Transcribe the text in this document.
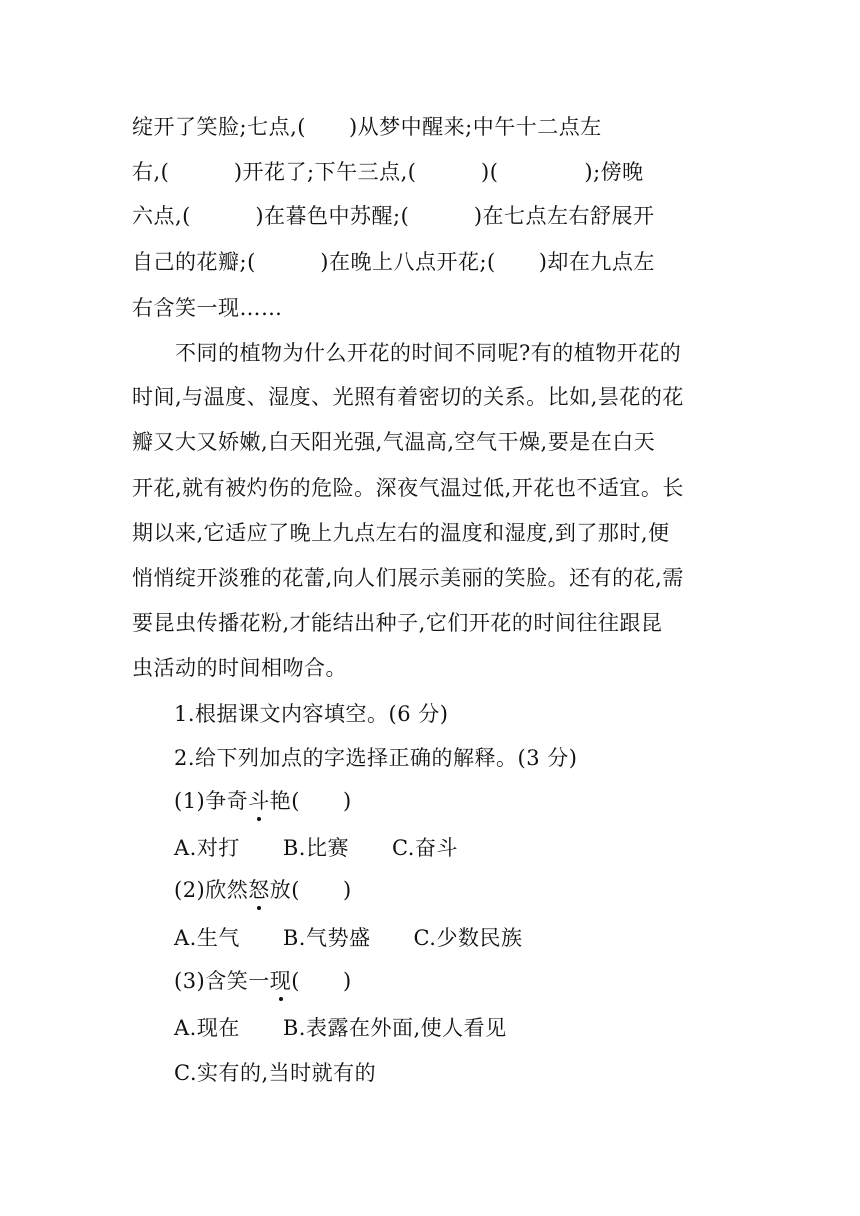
绽开了笑脸;七点,(　　)从梦中醒来;中午十二点左
右,(　　　)开花了;下午三点,(　　　)(　　　　);傍晚
六点,(　　　)在暮色中苏醒;(　　　)在七点左右舒展开
自己的花瓣;(　　　)在晚上八点开花;(　　)却在九点左
右含笑一现……
　　不同的植物为什么开花的时间不同呢?有的植物开花的
时间,与温度、湿度、光照有着密切的关系。比如,昙花的花
瓣又大又娇嫩,白天阳光强,气温高,空气干燥,要是在白天
开花,就有被灼伤的危险。深夜气温过低,开花也不适宜。长
期以来,它适应了晚上九点左右的温度和湿度,到了那时,便
悄悄绽开淡雅的花蕾,向人们展示美丽的笑脸。还有的花,需
要昆虫传播花粉,才能结出种子,它们开花的时间往往跟昆
虫活动的时间相吻合。
1.根据课文内容填空。(6 分)
2.给下列加点的字选择正确的解释。(3 分)
(1)争奇斗艳(　　)
A.对打　　B.比赛　　C.奋斗
(2)欣然怒放(　　)
A.生气　　B.气势盛　　C.少数民族
(3)含笑一现(　　)
A.现在　　B.表露在外面,使人看见
C.实有的,当时就有的
